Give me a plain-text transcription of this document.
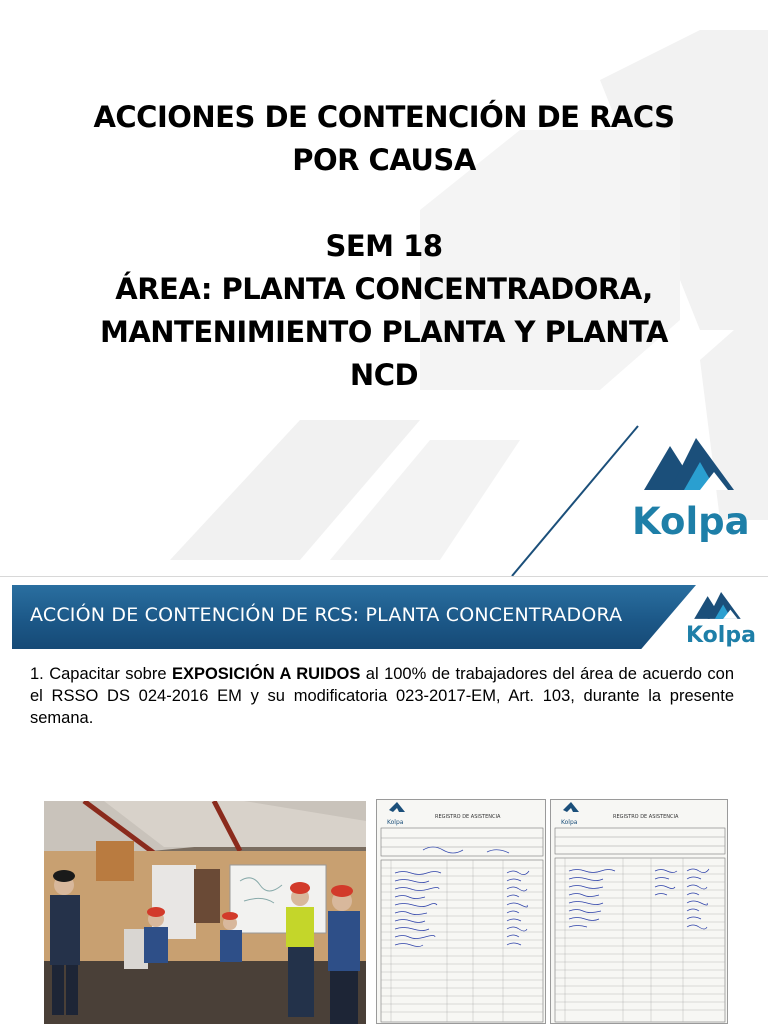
ACCIONES DE CONTENCIÓN DE RACS
POR CAUSA
SEM 18
ÁREA: PLANTA CONCENTRADORA,
MANTENIMIENTO PLANTA Y PLANTA
NCD
Kolpa
ACCIÓN DE CONTENCIÓN DE RCS: PLANTA CONCENTRADORA
Kolpa

1. Capacitar sobre EXPOSICIÓN A RUIDOS al 100% de trabajadores del área de acuerdo con el RSSO DS 024-2016 EM y su modificatoria 023-2017-EM, Art. 103, durante la presente semana.

Kolpa
REGISTRO DE ASISTENCIA
Kolpa
REGISTRO DE ASISTENCIA
